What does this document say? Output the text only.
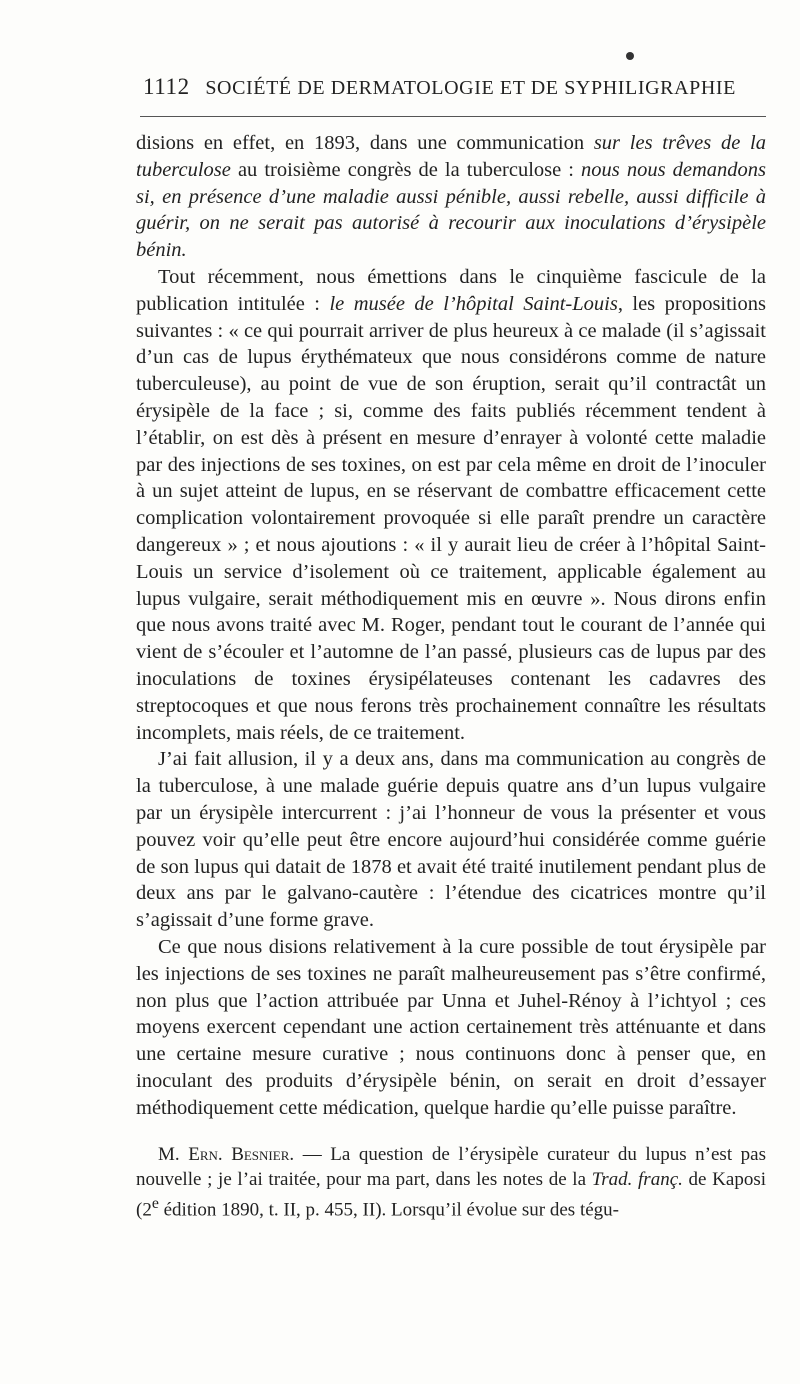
1112 SOCIÉTÉ DE DERMATOLOGIE ET DE SYPHILIGRAPHIE

disions en effet, en 1893, dans une communication sur les trêves de la tuberculose au troisième congrès de la tuberculose : nous nous demandons si, en présence d’une maladie aussi pénible, aussi rebelle, aussi difficile à guérir, on ne serait pas autorisé à recourir aux inoculations d’érysipèle bénin.

Tout récemment, nous émettions dans le cinquième fascicule de la publication intitulée : le musée de l’hôpital Saint-Louis, les propositions suivantes : « ce qui pourrait arriver de plus heureux à ce malade (il s’agissait d’un cas de lupus érythémateux que nous considérons comme de nature tuberculeuse), au point de vue de son éruption, serait qu’il contractât un érysipèle de la face ; si, comme des faits publiés récemment tendent à l’établir, on est dès à présent en mesure d’enrayer à volonté cette maladie par des injections de ses toxines, on est par cela même en droit de l’inoculer à un sujet atteint de lupus, en se réservant de combattre efficacement cette complication volontairement provoquée si elle paraît prendre un caractère dangereux » ; et nous ajoutions : « il y aurait lieu de créer à l’hôpital Saint-Louis un service d’isolement où ce traitement, applicable également au lupus vulgaire, serait méthodiquement mis en œuvre ». Nous dirons enfin que nous avons traité avec M. Roger, pendant tout le courant de l’année qui vient de s’écouler et l’automne de l’an passé, plusieurs cas de lupus par des inoculations de toxines érysipélateuses contenant les cadavres des streptocoques et que nous ferons très prochainement connaître les résultats incomplets, mais réels, de ce traitement.

J’ai fait allusion, il y a deux ans, dans ma communication au congrès de la tuberculose, à une malade guérie depuis quatre ans d’un lupus vulgaire par un érysipèle intercurrent : j’ai l’honneur de vous la présenter et vous pouvez voir qu’elle peut être encore aujourd’hui considérée comme guérie de son lupus qui datait de 1878 et avait été traité inutilement pendant plus de deux ans par le galvano-cautère : l’étendue des cicatrices montre qu’il s’agissait d’une forme grave.

Ce que nous disions relativement à la cure possible de tout érysipèle par les injections de ses toxines ne paraît malheureusement pas s’être confirmé, non plus que l’action attribuée par Unna et Juhel-Rénoy à l’ichtyol ; ces moyens exercent cependant une action certainement très atténuante et dans une certaine mesure curative ; nous continuons donc à penser que, en inoculant des produits d’érysipèle bénin, on serait en droit d’essayer méthodiquement cette médication, quelque hardie qu’elle puisse paraître.

M. Ern. Besnier. — La question de l’érysipèle curateur du lupus n’est pas nouvelle ; je l’ai traitée, pour ma part, dans les notes de la Trad. franç. de Kaposi (2e édition 1890, t. II, p. 455, II). Lorsqu’il évolue sur des tégu-
